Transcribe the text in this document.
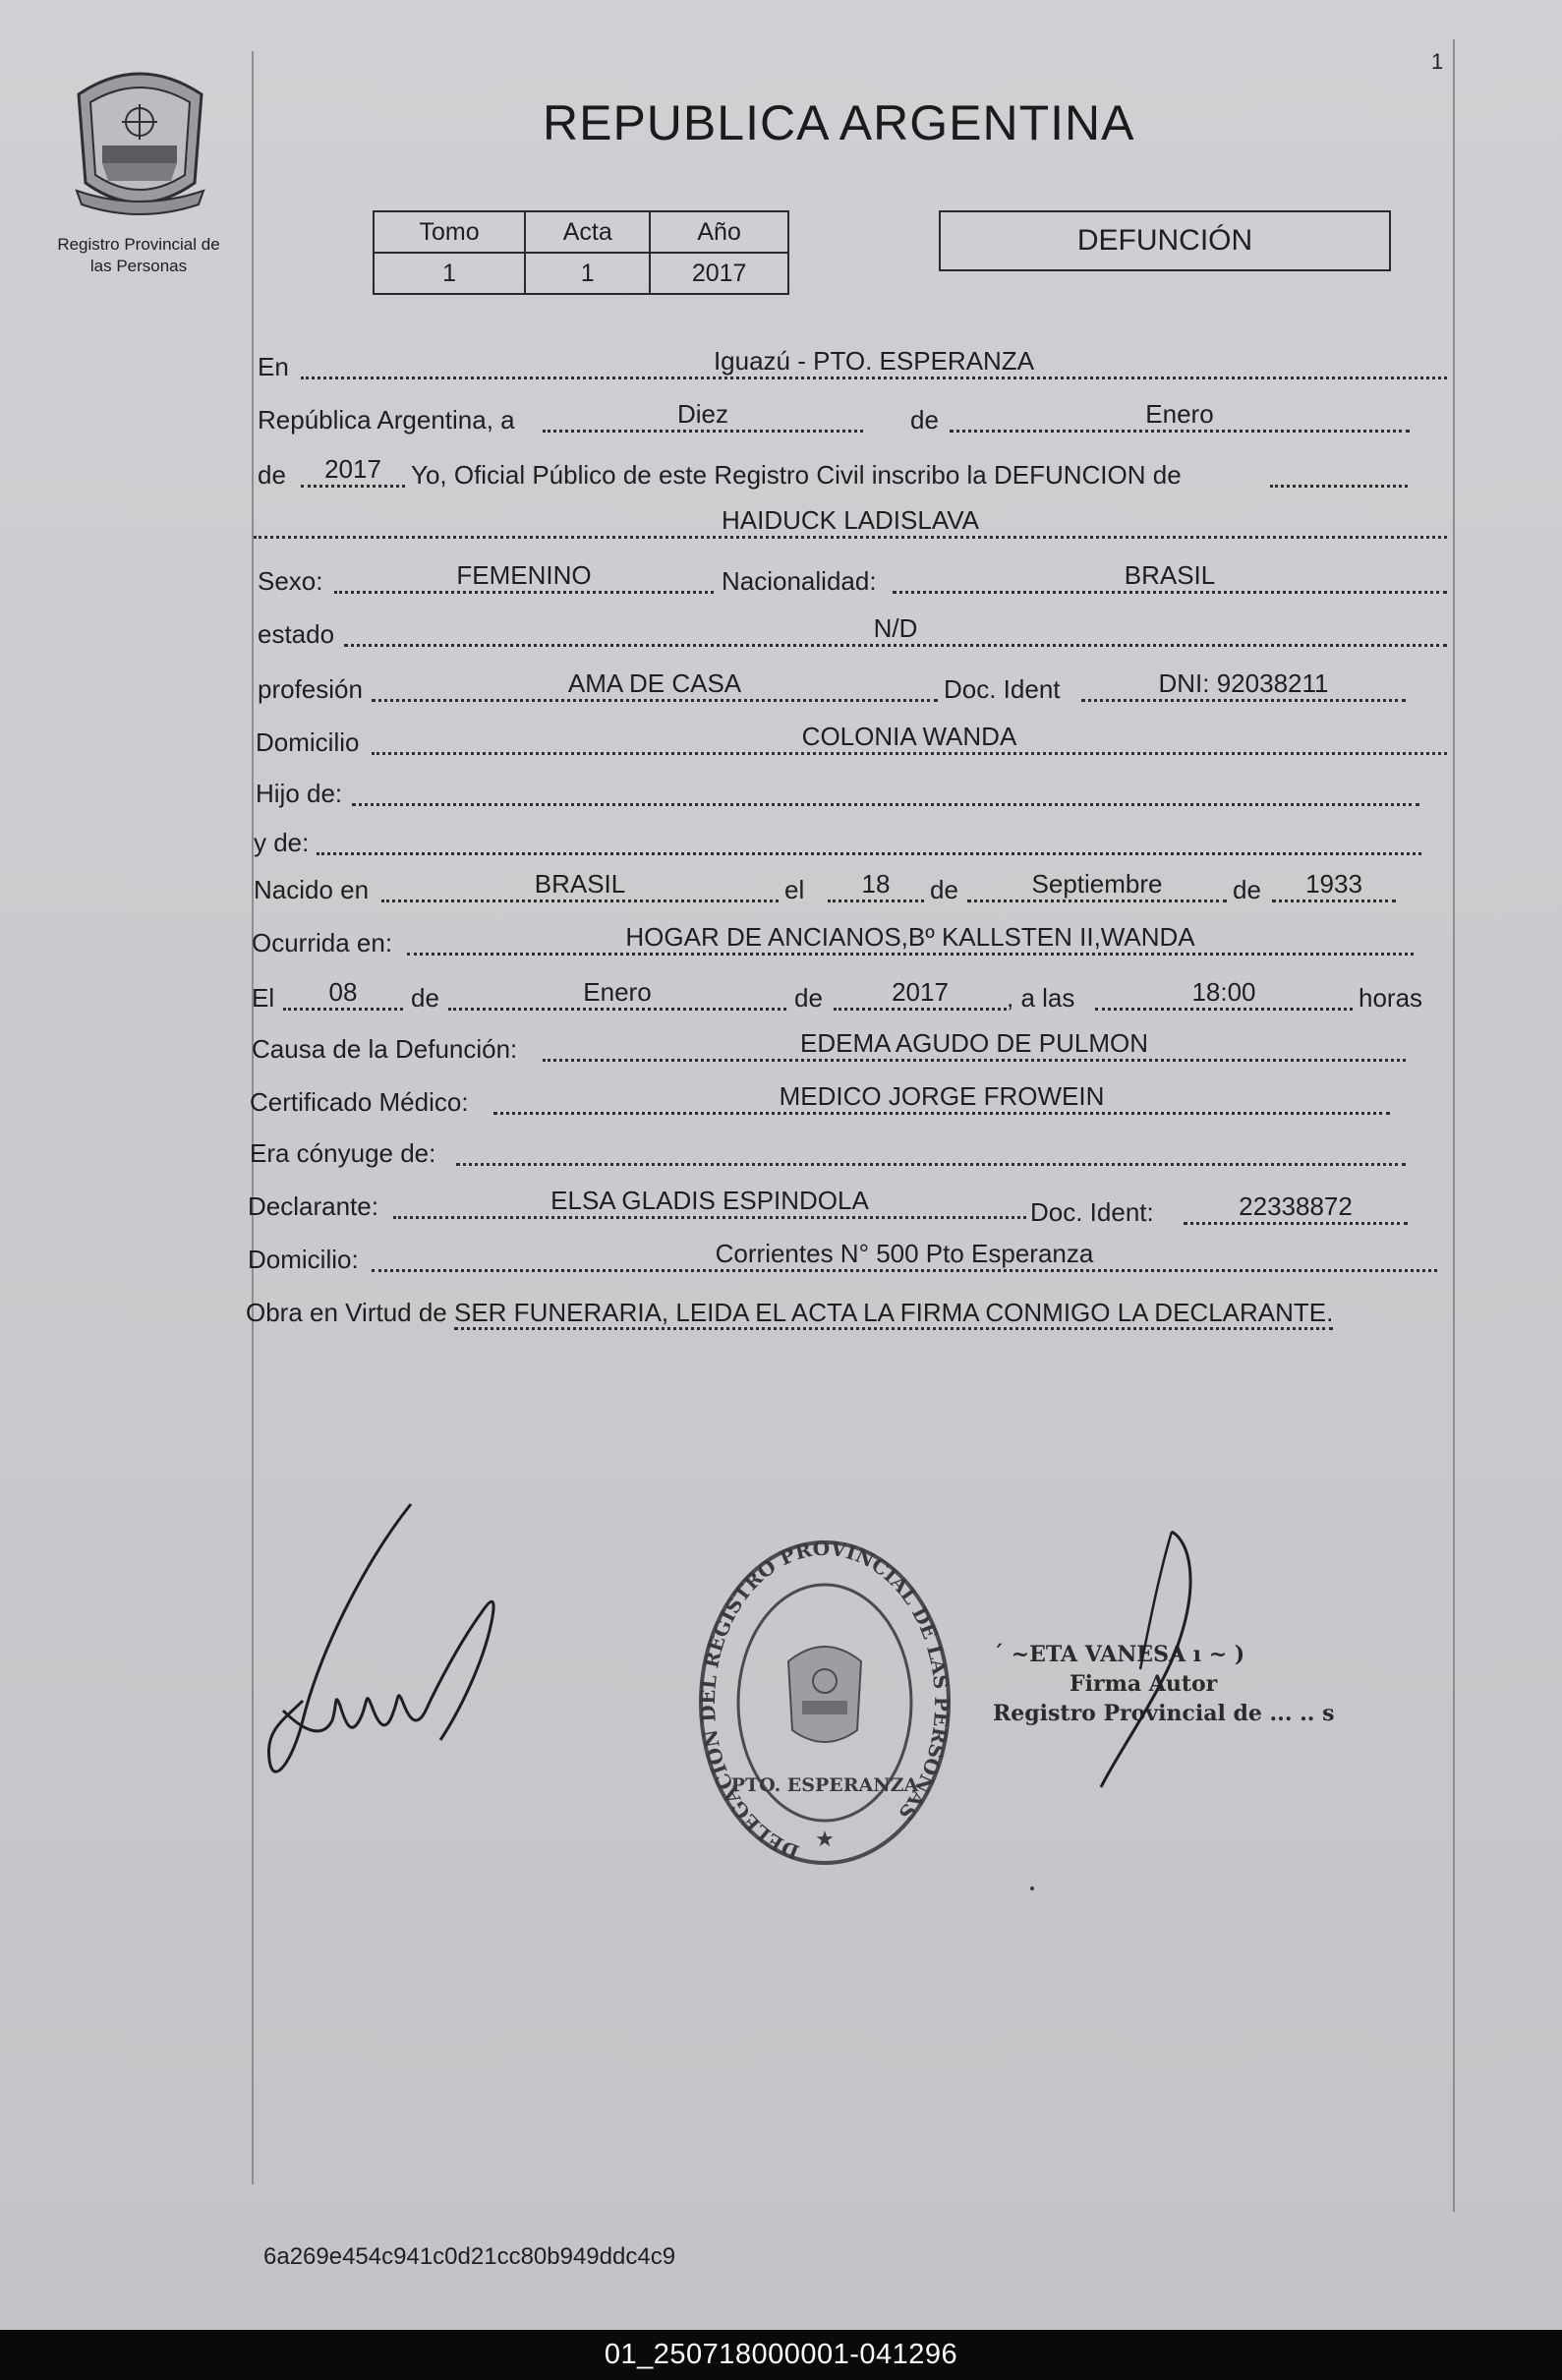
1
Registro Provincial de
las Personas
REPUBLICA ARGENTINA
Tomo	Acta	Año
1	1	2017
DEFUNCIÓN
En	Iguazú - PTO. ESPERANZA
República Argentina, a	Diez	de	Enero
de	2017	Yo, Oficial Público de este Registro Civil inscribo la DEFUNCION de
HAIDUCK LADISLAVA
Sexo:	FEMENINO	Nacionalidad:	BRASIL
estado	N/D
profesión	AMA DE CASA	Doc. Ident	DNI: 92038211
Domicilio	COLONIA WANDA
Hijo de:
y de:
Nacido en	BRASIL	el	18	de	Septiembre	de	1933
Ocurrida en:	HOGAR DE ANCIANOS,Bº KALLSTEN II,WANDA
El	08	de	Enero	de	2017	, a las	18:00	horas
Causa de la Defunción:	EDEMA AGUDO DE PULMON
Certificado Médico:	MEDICO JORGE FROWEIN
Era cónyuge de:
Declarante:	ELSA GLADIS ESPINDOLA	Doc. Ident:	22338872
Domicilio:	Corrientes N° 500 Pto Esperanza
Obra en Virtud de SER FUNERARIA, LEIDA EL ACTA LA FIRMA CONMIGO LA DECLARANTE.
DELEGACION DEL REGISTRO PROVINCIAL DE LAS PERSONAS
PTO. ESPERANZA
★
´ ~ETA VANESA ı ~ )
Firma Autor
Registro Provincial de ... .. s
6a269e454c941c0d21cc80b949ddc4c9
01_250718000001-041296
